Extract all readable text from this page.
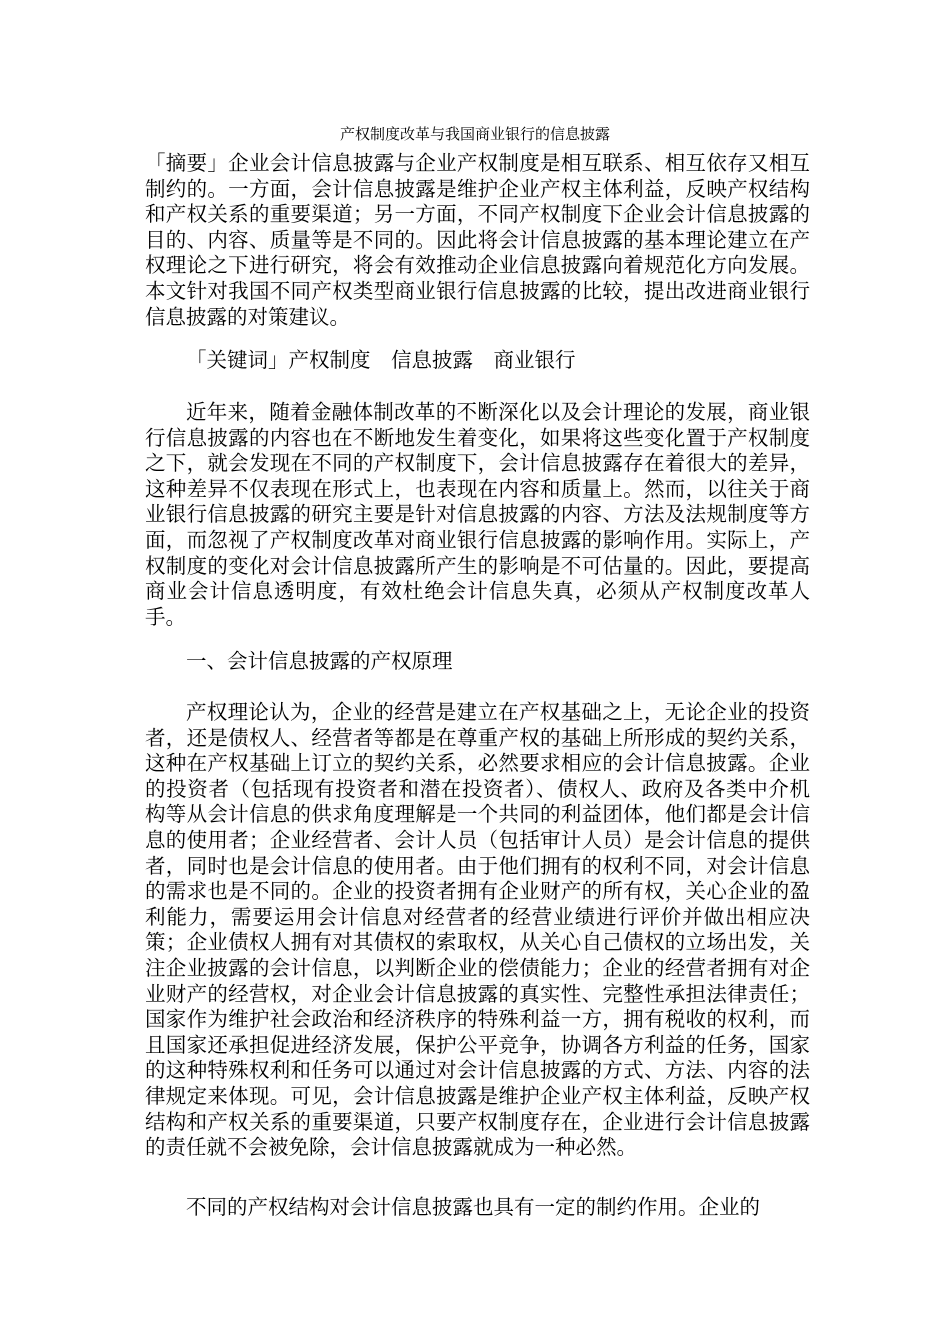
产权制度改革与我国商业银行的信息披露

「摘要」企业会计信息披露与企业产权制度是相互联系、相互依存又相互制约的。一方面，会计信息披露是维护企业产权主体利益，反映产权结构和产权关系的重要渠道；另一方面，不同产权制度下企业会计信息披露的目的、内容、质量等是不同的。因此将会计信息披露的基本理论建立在产权理论之下进行研究，将会有效推动企业信息披露向着规范化方向发展。本文针对我国不同产权类型商业银行信息披露的比较，提出改进商业银行信息披露的对策建议。

「关键词」产权制度　信息披露　商业银行

近年来，随着金融体制改革的不断深化以及会计理论的发展，商业银行信息披露的内容也在不断地发生着变化，如果将这些变化置于产权制度之下，就会发现在不同的产权制度下，会计信息披露存在着很大的差异，这种差异不仅表现在形式上，也表现在内容和质量上。然而，以往关于商业银行信息披露的研究主要是针对信息披露的内容、方法及法规制度等方面，而忽视了产权制度改革对商业银行信息披露的影响作用。实际上，产权制度的变化对会计信息披露所产生的影响是不可估量的。因此，要提高商业会计信息透明度，有效杜绝会计信息失真，必须从产权制度改革人手。

一、会计信息披露的产权原理

产权理论认为，企业的经营是建立在产权基础之上，无论企业的投资者，还是债权人、经营者等都是在尊重产权的基础上所形成的契约关系，这种在产权基础上订立的契约关系，必然要求相应的会计信息披露。企业的投资者（包括现有投资者和潜在投资者）、债权人、政府及各类中介机构等从会计信息的供求角度理解是一个共同的利益团体，他们都是会计信息的使用者；企业经营者、会计人员（包括审计人员）是会计信息的提供者，同时也是会计信息的使用者。由于他们拥有的权利不同，对会计信息的需求也是不同的。企业的投资者拥有企业财产的所有权，关心企业的盈利能力，需要运用会计信息对经营者的经营业绩进行评价并做出相应决策；企业债权人拥有对其债权的索取权，从关心自己债权的立场出发，关注企业披露的会计信息，以判断企业的偿债能力；企业的经营者拥有对企业财产的经营权，对企业会计信息披露的真实性、完整性承担法律责任；国家作为维护社会政治和经济秩序的特殊利益一方，拥有税收的权利，而且国家还承担促进经济发展，保护公平竞争，协调各方利益的任务，国家的这种特殊权利和任务可以通过对会计信息披露的方式、方法、内容的法律规定来体现。可见，会计信息披露是维护企业产权主体利益，反映产权结构和产权关系的重要渠道，只要产权制度存在，企业进行会计信息披露的责任就不会被免除，会计信息披露就成为一种必然。

不同的产权结构对会计信息披露也具有一定的制约作用。企业的
